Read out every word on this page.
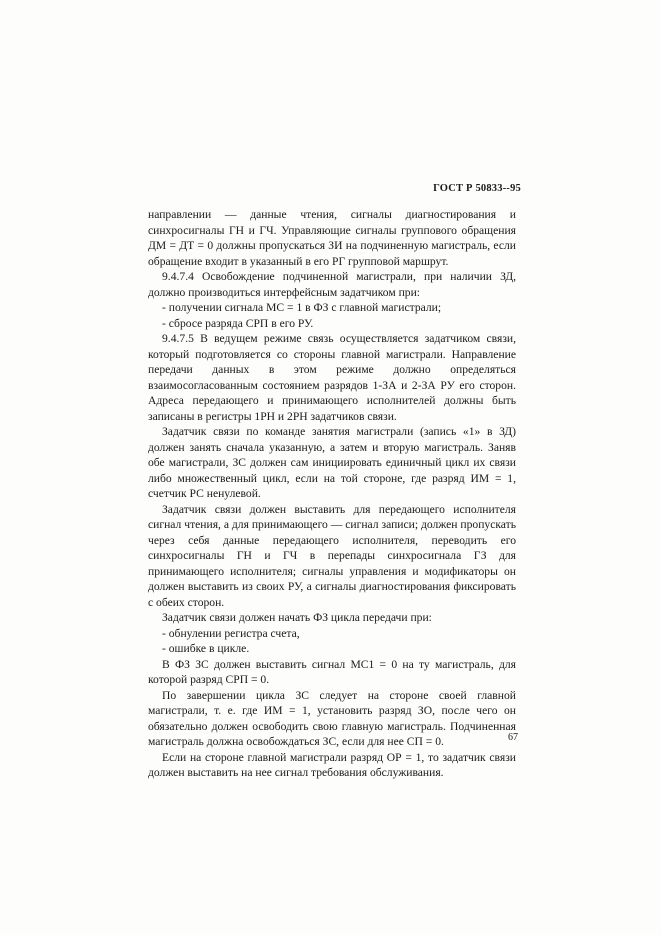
ГОСТ Р 50833--95

направлении — данные чтения, сигналы диагностирования и синхросигналы ГН и ГЧ. Управляющие сигналы группового обращения ДМ = ДТ = 0 должны пропускаться ЗИ на подчиненную магистраль, если обращение входит в указанный в его РГ групповой маршрут.

9.4.7.4 Освобождение подчиненной магистрали, при наличии ЗД, должно производиться интерфейсным задатчиком при:

- получении сигнала МС = 1 в ФЗ с главной магистрали;

- сбросе разряда СРП в его РУ.

9.4.7.5 В ведущем режиме связь осуществляется задатчиком связи, который подготовляется со стороны главной магистрали. Направление передачи данных в этом режиме должно определяться взаимосогласованным состоянием разрядов 1-ЗА и 2-ЗА РУ его сторон. Адреса передающего и принимающего исполнителей должны быть записаны в регистры 1РН и 2РН задатчиков связи.

Задатчик связи по команде занятия магистрали (запись «1» в ЗД) должен занять сначала указанную, а затем и вторую магистраль. Заняв обе магистрали, ЗС должен сам инициировать единичный цикл их связи либо множественный цикл, если на той стороне, где разряд ИМ = 1, счетчик РС ненулевой.

Задатчик связи должен выставить для передающего исполнителя сигнал чтения, а для принимающего — сигнал записи; должен пропускать через себя данные передающего исполнителя, переводить его синхросигналы ГН и ГЧ в перепады синхросигнала ГЗ для принимающего исполнителя; сигналы управления и модификаторы он должен выставить из своих РУ, а сигналы диагностирования фиксировать с обеих сторон.

Задатчик связи должен начать ФЗ цикла передачи при:

- обнулении регистра счета,

- ошибке в цикле.

В ФЗ ЗС должен выставить сигнал МС1 = 0 на ту магистраль, для которой разряд СРП = 0.

По завершении цикла ЗС следует на стороне своей главной магистрали, т. е. где ИМ = 1, установить разряд ЗО, после чего он обязательно должен освободить свою главную магистраль. Подчиненная магистраль должна освобождаться ЗС, если для нее СП = 0.

Если на стороне главной магистрали разряд ОР = 1, то задатчик связи должен выставить на нее сигнал требования обслуживания.

67
